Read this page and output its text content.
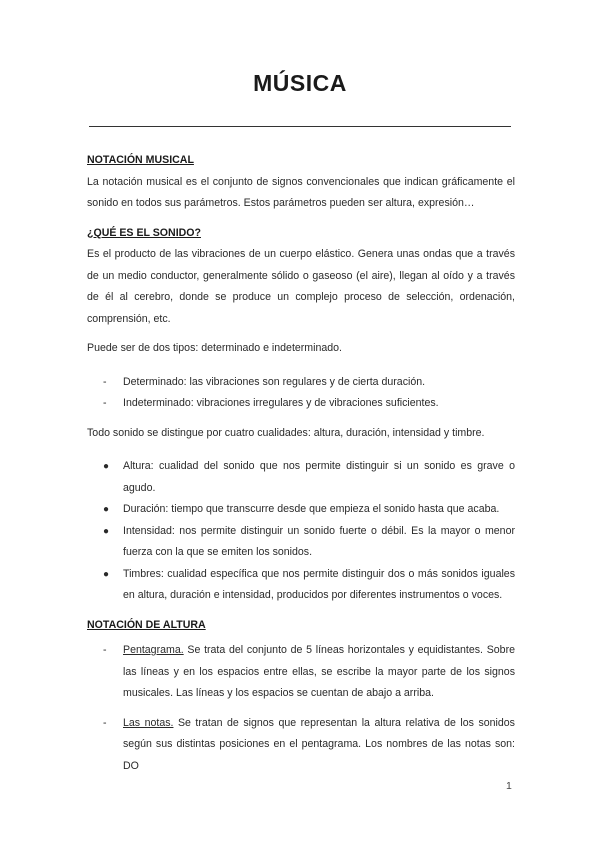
MÚSICA

NOTACIÓN MUSICAL

La notación musical es el conjunto de signos convencionales que indican gráficamente el sonido en todos sus parámetros. Estos parámetros pueden ser altura, expresión…

¿QUÉ ES EL SONIDO?

Es el producto de las vibraciones de un cuerpo elástico. Genera unas ondas que a través de un medio conductor, generalmente sólido o gaseoso (el aire), llegan al oído y a través de él al cerebro, donde se produce un complejo proceso de selección, ordenación, comprensión, etc.

Puede ser de dos tipos: determinado e indeterminado.

- Determinado: las vibraciones son regulares y de cierta duración.
- Indeterminado: vibraciones irregulares y de vibraciones suficientes.

Todo sonido se distingue por cuatro cualidades: altura, duración, intensidad y timbre.

● Altura: cualidad del sonido que nos permite distinguir si un sonido es grave o agudo.
● Duración: tiempo que transcurre desde que empieza el sonido hasta que acaba.
● Intensidad: nos permite distinguir un sonido fuerte o débil. Es la mayor o menor fuerza con la que se emiten los sonidos.
● Timbres: cualidad específica que nos permite distinguir dos o más sonidos iguales en altura, duración e intensidad, producidos por diferentes instrumentos o voces.

NOTACIÓN DE ALTURA

- Pentagrama. Se trata del conjunto de 5 líneas horizontales y equidistantes. Sobre las líneas y en los espacios entre ellas, se escribe la mayor parte de los signos musicales. Las líneas y los espacios se cuentan de abajo a arriba.
- Las notas. Se tratan de signos que representan la altura relativa de los sonidos según sus distintas posiciones en el pentagrama. Los nombres de las notas son: DO
1
